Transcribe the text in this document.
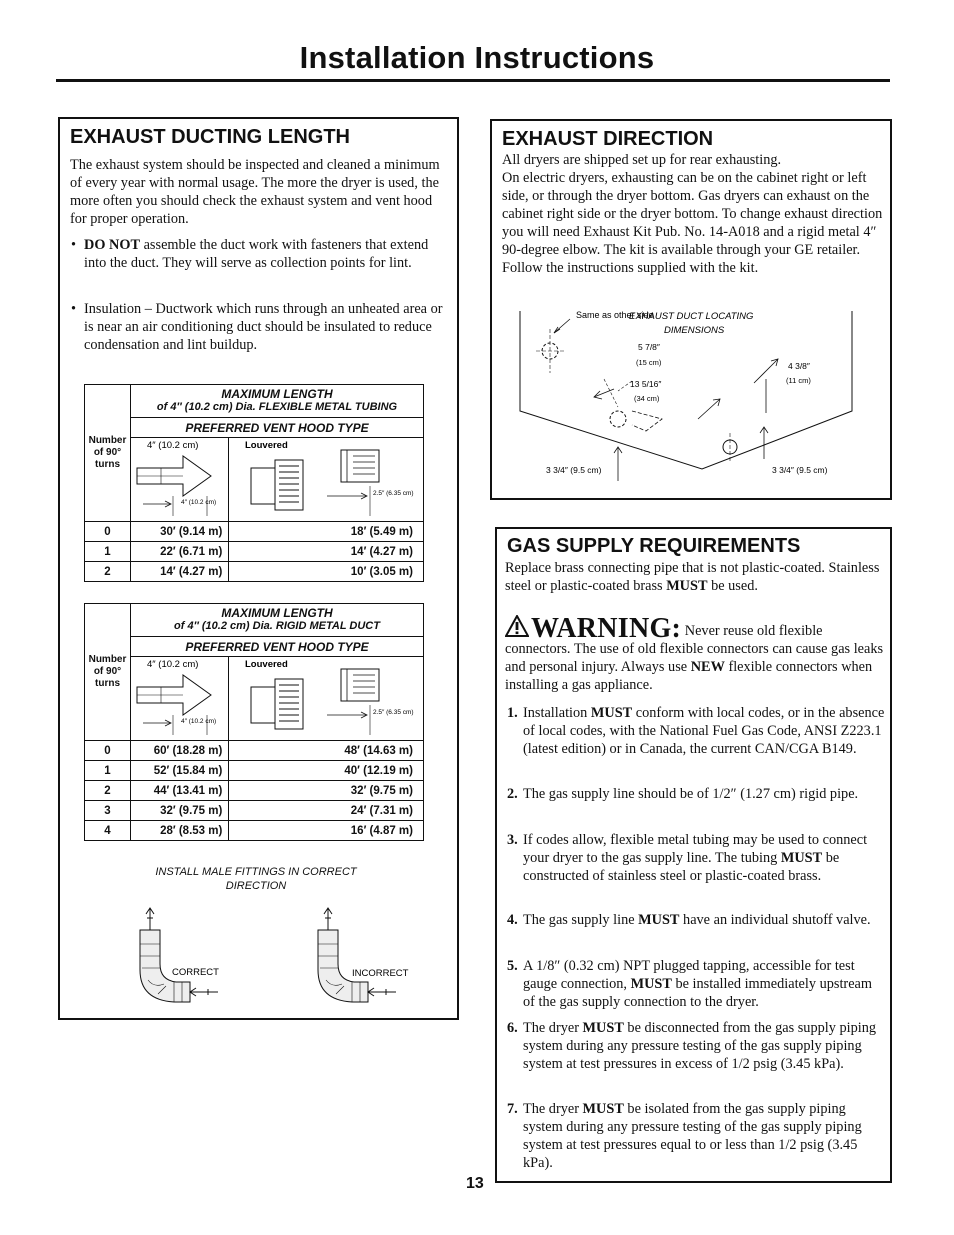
Installation Instructions
EXHAUST DUCTING LENGTH
The exhaust system should be inspected and cleaned a minimum of every year with normal usage. The more the dryer is used, the more often you should check the exhaust system and vent hood for proper operation.
• DO NOT assemble the duct work with fasteners that extend into the duct. They will serve as collection points for lint.
• Insulation – Ductwork which runs through an unheated area or is near an air conditioning duct should be insulated to reduce condensation and lint buildup.
Number of 90° turns	MAXIMUM LENGTH
of 4″ (10.2 cm) Dia. FLEXIBLE METAL TUBING	

	PREFERRED VENT HOOD TYPE	

4″ (10.2 cm)
4″ (10.2 cm)	Louvered
2.5″ (6.35 cm)

0	30′ (9.14 m)	18′ (5.49 m)
1	22′ (6.71 m)	14′ (4.27 m)
2	14′ (4.27 m)	10′ (3.05 m)
Number of 90° turns	MAXIMUM LENGTH
of 4″ (10.2 cm) Dia. RIGID METAL DUCT	

	PREFERRED VENT HOOD TYPE	

4″ (10.2 cm)
4″ (10.2 cm)	Louvered
2.5″ (6.35 cm)

0	60′ (18.28 m)	48′ (14.63 m)
1	52′ (15.84 m)	40′ (12.19 m)
2	44′ (13.41 m)	32′ (9.75 m)
3	32′ (9.75 m)	24′ (7.31 m)
4	28′ (8.53 m)	16′ (4.87 m)
INSTALL MALE FITTINGS IN CORRECT DIRECTION
CORRECT	INCORRECT
EXHAUST DIRECTION
All dryers are shipped set up for rear exhausting.
On electric dryers, exhausting can be on the cabinet right or left side, or through the dryer bottom. Gas dryers can exhaust on the cabinet right side or the dryer bottom. To change exhaust direction you will need Exhaust Kit Pub. No. 14-A018 and a rigid metal 4″ 90-degree elbow. The kit is available through your GE retailer. Follow the instructions supplied with the kit.
Same as other side
EXHAUST DUCT LOCATING
DIMENSIONS
5 7/8″
(15 cm)
13 5/16″
(34 cm)
4 3/8″
(11 cm)
3 3/4″ (9.5 cm)	3 3/4″ (9.5 cm)
GAS SUPPLY REQUIREMENTS
Replace brass connecting pipe that is not plastic-coated. Stainless steel or plastic-coated brass MUST be used.
WARNING: Never reuse old flexible connectors. The use of old flexible connectors can cause gas leaks and personal injury. Always use NEW flexible connectors when installing a gas appliance.
1. Installation MUST conform with local codes, or in the absence of local codes, with the National Fuel Gas Code, ANSI Z223.1 (latest edition) or in Canada, the current CAN/CGA B149.
2. The gas supply line should be of 1/2″ (1.27 cm) rigid pipe.
3. If codes allow, flexible metal tubing may be used to connect your dryer to the gas supply line. The tubing MUST be constructed of stainless steel or plastic-coated brass.
4. The gas supply line MUST have an individual shutoff valve.
5. A 1/8″ (0.32 cm) NPT plugged tapping, accessible for test gauge connection, MUST be installed immediately upstream of the gas supply connection to the dryer.
6. The dryer MUST be disconnected from the gas supply piping system during any pressure testing of the gas supply piping system at test pressures in excess of 1/2 psig (3.45 kPa).
7. The dryer MUST be isolated from the gas supply piping system during any pressure testing of the gas supply piping system at test pressures equal to or less than 1/2 psig (3.45 kPa).
13
